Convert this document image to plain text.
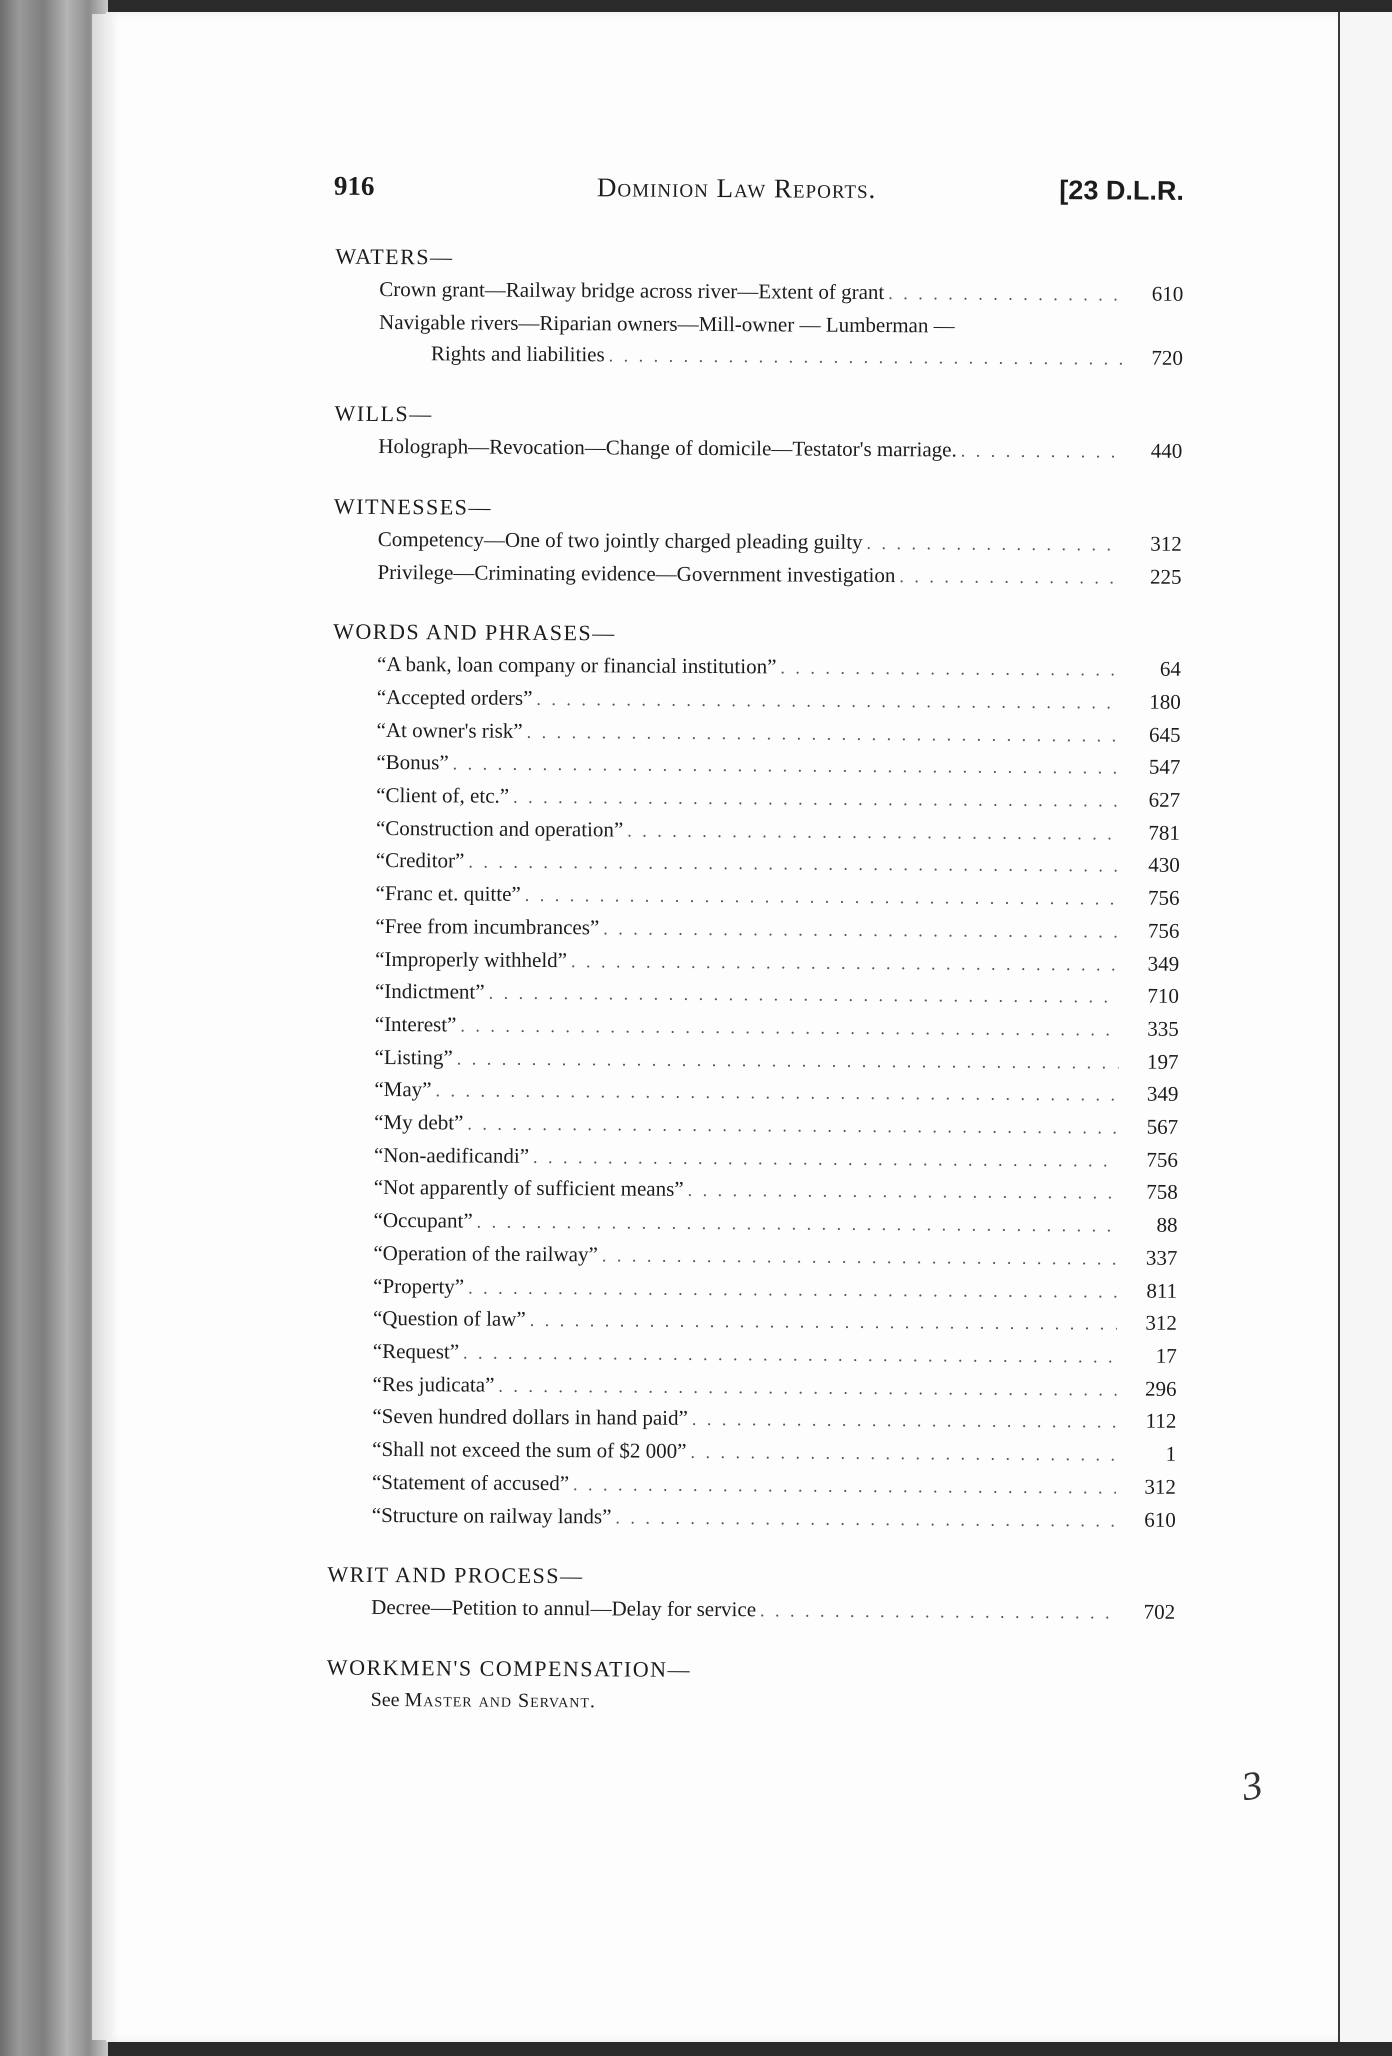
916	Dominion Law Reports.	[23 D.L.R.
WATERS—
Crown grant—Railway bridge across river—Extent of grant . . .	610
Navigable rivers—Riparian owners—Mill-owner — Lumberman —
Rights and liabilities . . .	720
WILLS—
Holograph—Revocation—Change of domicile—Testator's marriage. . . .	440
WITNESSES—
Competency—One of two jointly charged pleading guilty . . .	312
Privilege—Criminating evidence—Government investigation . . .	225
WORDS AND PHRASES—
“A bank, loan company or financial institution” . . .	64
“Accepted orders” . . .	180
“At owner's risk” . . .	645
“Bonus” . . .	547
“Client of, etc.” . . .	627
“Construction and operation” . . .	781
“Creditor” . . .	430
“Franc et. quitte” . . .	756
“Free from incumbrances” . . .	756
“Improperly withheld” . . .	349
“Indictment” . . .	710
“Interest” . . .	335
“Listing” . . .	197
“May” . . .	349
“My debt” . . .	567
“Non-aedificandi” . . .	756
“Not apparently of sufficient means” . . .	758
“Occupant” . . .	88
“Operation of the railway” . . .	337
“Property” . . .	811
“Question of law” . . .	312
“Request” . . .	17
“Res judicata” . . .	296
“Seven hundred dollars in hand paid” . . .	112
“Shall not exceed the sum of $2 000” . . .	1
“Statement of accused” . . .	312
“Structure on railway lands” . . .	610
WRIT AND PROCESS—
Decree—Petition to annul—Delay for service . . .	702
WORKMEN'S COMPENSATION—
See Master and Servant.
3
